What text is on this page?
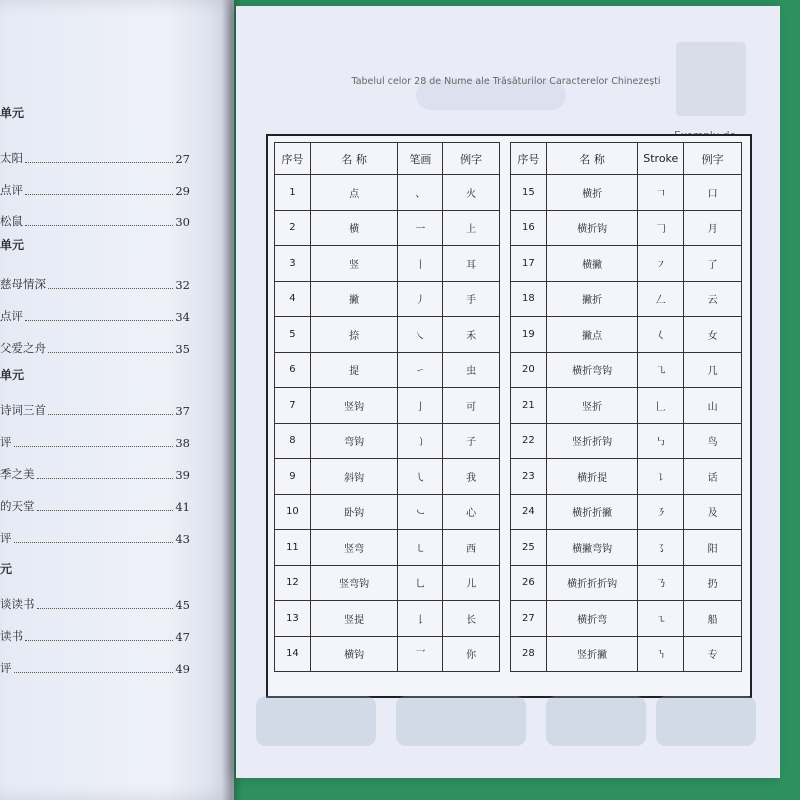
单元
太阳	27
点评	29
松鼠	30
单元
慈母情深	32
点评	34
父爱之舟	35
单元
诗词三首	37
评	38
季之美	39
的天堂	41
评	43
元
谈读书	45
读书	47
评	49
Tabelul celor 28 de Nume ale Trăsăturilor Caracterelor Chinezești
序号	名 称	笔画	例字
1	点	、	火
2	横	一	上
3	竖	丨	耳
4	撇	丿	手
5	捺	㇏	禾
6	提	㇀	虫
7	竖钩	亅	可
8	弯钩	㇁	子
9	斜钩	㇂	我
10	卧钩	㇃	心
11	竖弯	㇄	西
12	竖弯钩	乚	儿
13	竖提	𠄌	长
14	横钩	乛	你
序号	名 称	Stroke	例字
15	横折	𠃍	口
16	横折钩	𠃌	月
17	横撇	㇇	了
18	撇折	𠃋	云
19	撇点	𡿨	女
20	横折弯钩	㇈	几
21	竖折	𠃊	山
22	竖折折钩	㇉	鸟
23	横折提	㇊	话
24	横折折撇	㇋	及
25	横撇弯钩	㇌	阳
26	横折折折钩	㇡	扔
27	横折弯	㇍	船
28	竖折撇	㇎	专
